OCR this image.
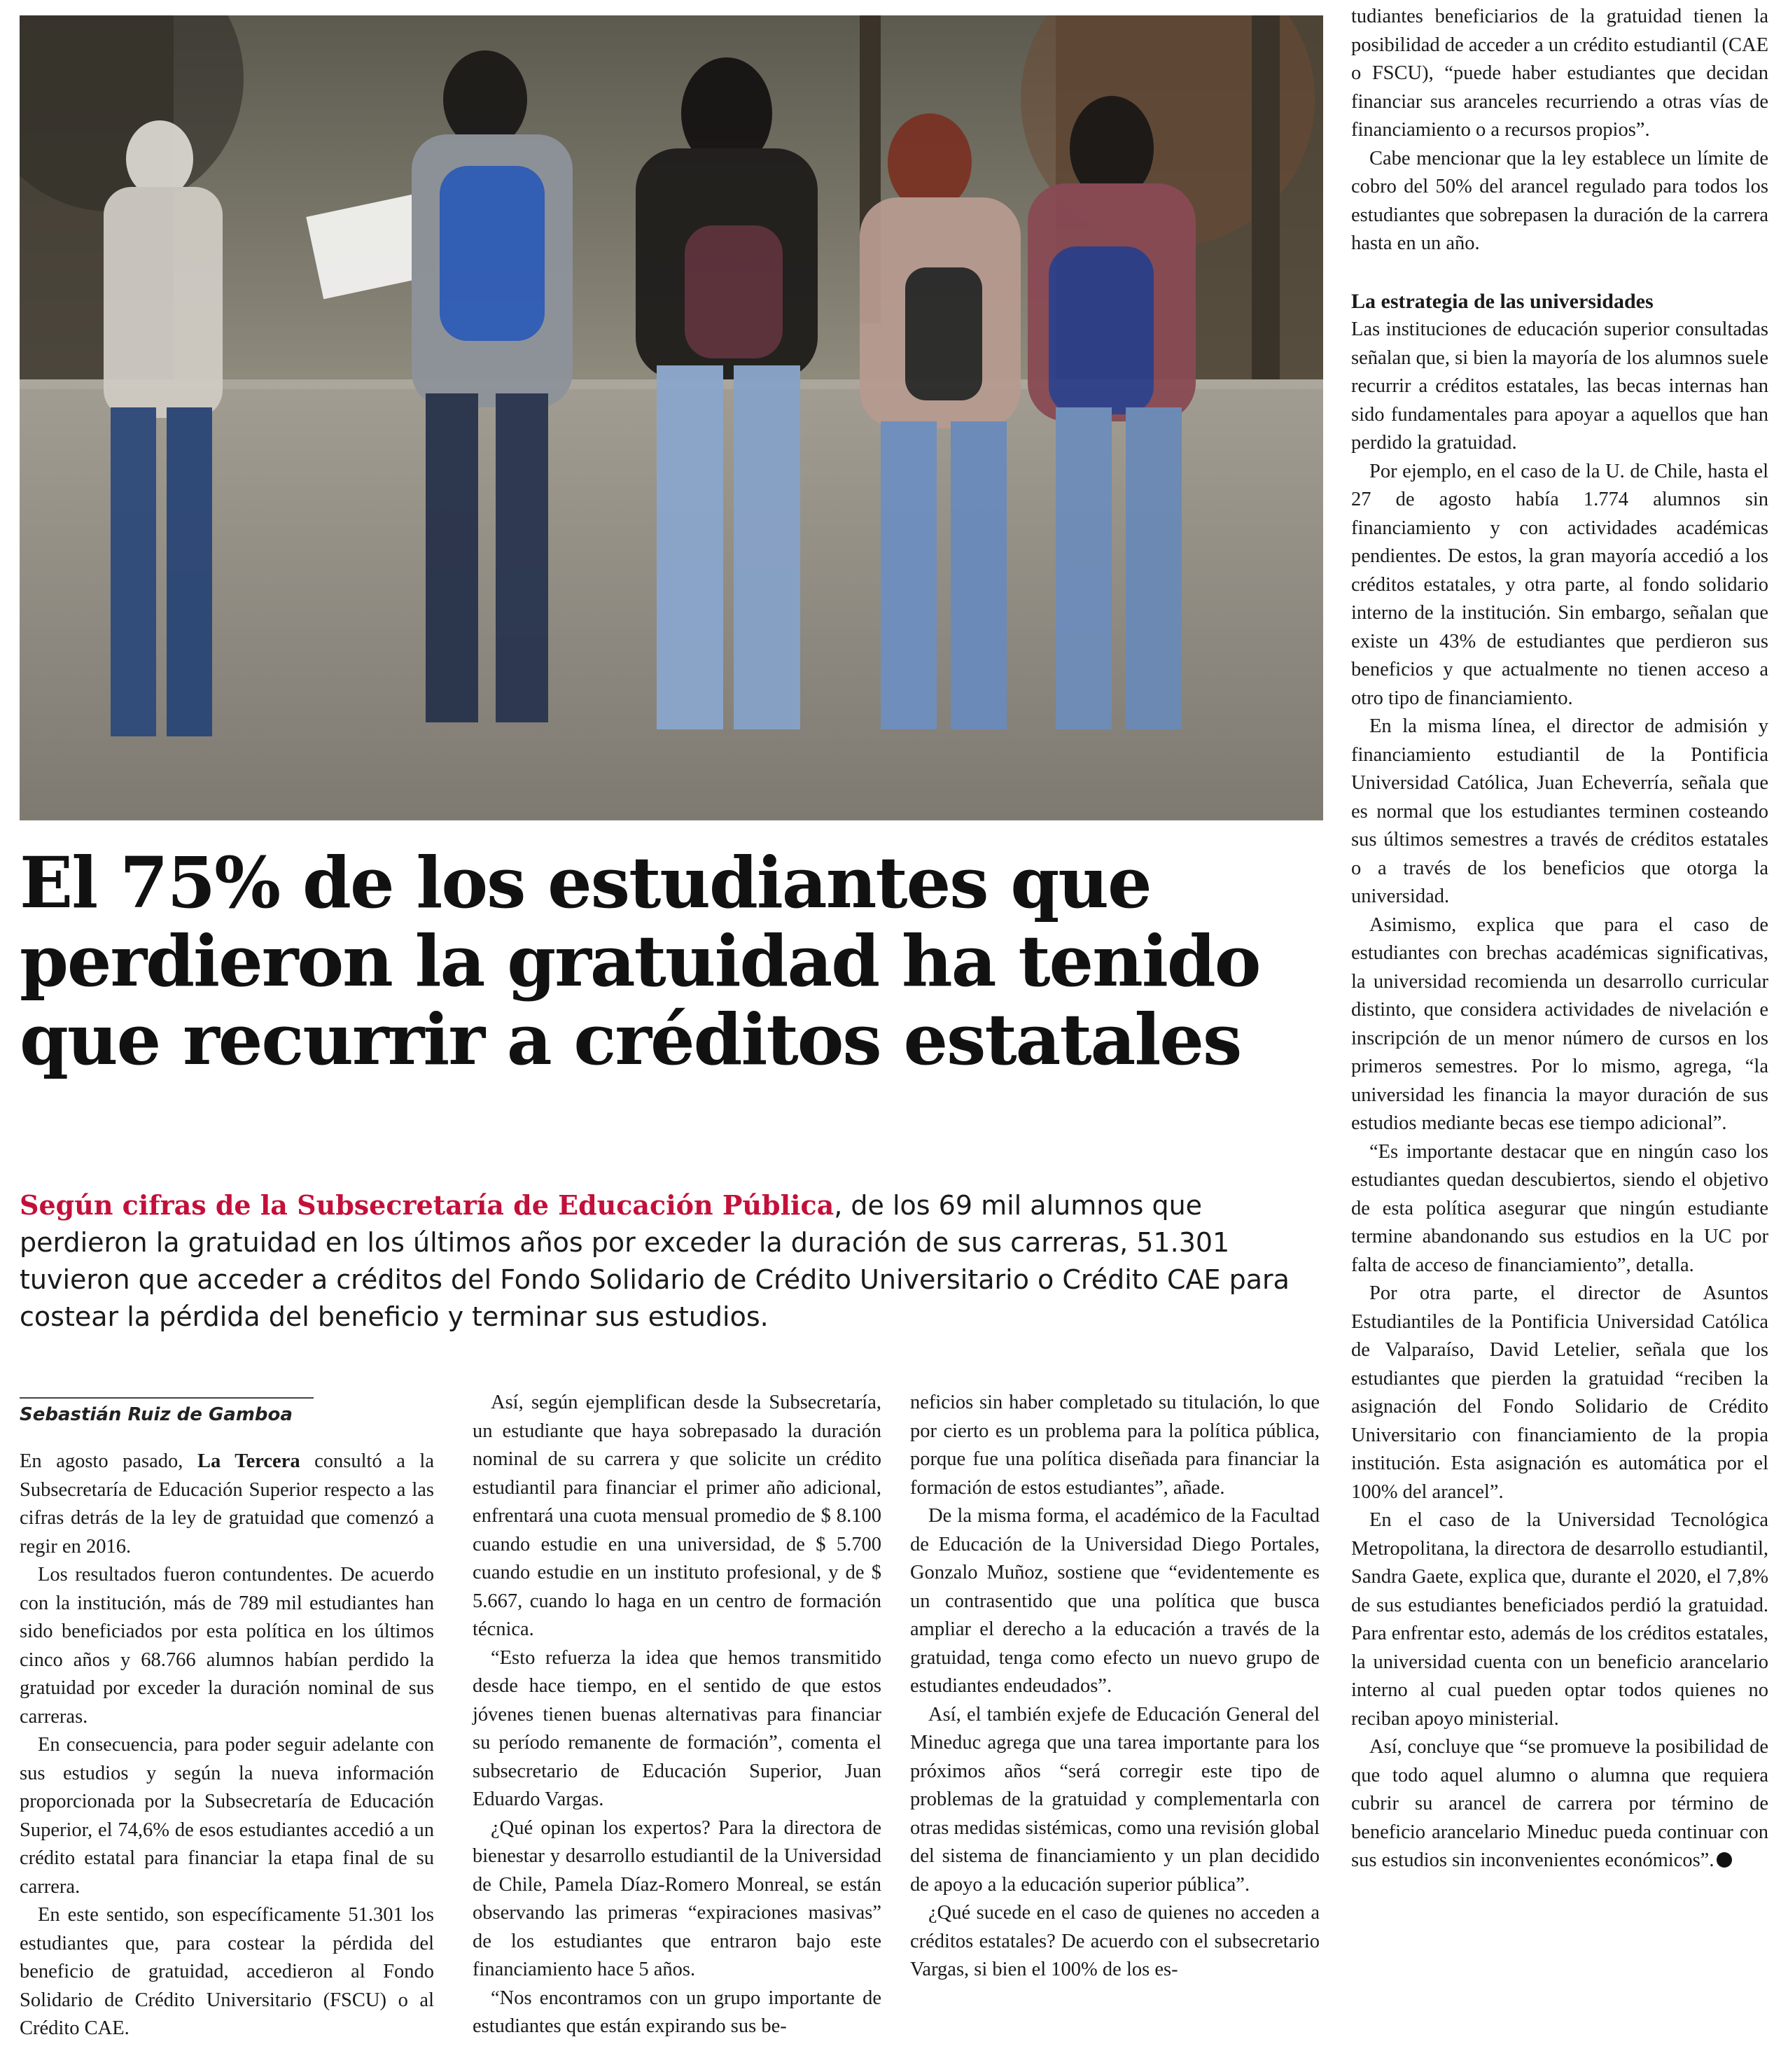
El 75% de los estudiantes que
perdieron la gratuidad ha tenido
que recurrir a créditos estatales

Según cifras de la Subsecretaría de Educación Pública, de los 69 mil alumnos que perdieron la gratuidad en los últimos años por exceder la duración de sus carreras, 51.301 tuvieron que acceder a créditos del Fondo Solidario de Crédito Universitario o Crédito CAE para costear la pérdida del beneficio y terminar sus estudios.

Sebastián Ruiz de Gamboa

En agosto pasado, La Tercera consultó a la Subsecretaría de Educación Superior respecto a las cifras detrás de la ley de gratuidad que comenzó a regir en 2016.

Los resultados fueron contundentes. De acuerdo con la institución, más de 789 mil estudiantes han sido beneficiados por esta política en los últimos cinco años y 68.766 alumnos habían perdido la gratuidad por exceder la duración nominal de sus carreras.

En consecuencia, para poder seguir adelante con sus estudios y según la nueva información proporcionada por la Subsecretaría de Educación Superior, el 74,6% de esos estudiantes accedió a un crédito estatal para financiar la etapa final de su carrera.

En este sentido, son específicamente 51.301 los estudiantes que, para costear la pérdida del beneficio de gratuidad, accedieron al Fondo Solidario de Crédito Universitario (FSCU) o al Crédito CAE.

Así, según ejemplifican desde la Subsecretaría, un estudiante que haya sobrepasado la duración nominal de su carrera y que solicite un crédito estudiantil para financiar el primer año adicional, enfrentará una cuota mensual promedio de $ 8.100 cuando estudie en una universidad, de $ 5.700 cuando estudie en un instituto profesional, y de $ 5.667, cuando lo haga en un centro de formación técnica.

“Esto refuerza la idea que hemos transmitido desde hace tiempo, en el sentido de que estos jóvenes tienen buenas alternativas para financiar su período remanente de formación”, comenta el subsecretario de Educación Superior, Juan Eduardo Vargas.

¿Qué opinan los expertos? Para la directora de bienestar y desarrollo estudiantil de la Universidad de Chile, Pamela Díaz-Romero Monreal, se están observando las primeras “expiraciones masivas” de los estudiantes que entraron bajo este financiamiento hace 5 años.

“Nos encontramos con un grupo importante de estudiantes que están expirando sus be-

neficios sin haber completado su titulación, lo que por cierto es un problema para la política pública, porque fue una política diseñada para financiar la formación de estos estudiantes”, añade.

De la misma forma, el académico de la Facultad de Educación de la Universidad Diego Portales, Gonzalo Muñoz, sostiene que “evidentemente es un contrasentido que una política que busca ampliar el derecho a la educación a través de la gratuidad, tenga como efecto un nuevo grupo de estudiantes endeudados”.

Así, el también exjefe de Educación General del Mineduc agrega que una tarea importante para los próximos años “será corregir este tipo de problemas de la gratuidad y complementarla con otras medidas sistémicas, como una revisión global del sistema de financiamiento y un plan decidido de apoyo a la educación superior pública”.

¿Qué sucede en el caso de quienes no acceden a créditos estatales? De acuerdo con el subsecretario Vargas, si bien el 100% de los es-

tudiantes beneficiarios de la gratuidad tienen la posibilidad de acceder a un crédito estudiantil (CAE o FSCU), “puede haber estudiantes que decidan financiar sus aranceles recurriendo a otras vías de financiamiento o a recursos propios”.

Cabe mencionar que la ley establece un límite de cobro del 50% del arancel regulado para todos los estudiantes que sobrepasen la duración de la carrera hasta en un año.

La estrategia de las universidades

Las instituciones de educación superior consultadas señalan que, si bien la mayoría de los alumnos suele recurrir a créditos estatales, las becas internas han sido fundamentales para apoyar a aquellos que han perdido la gratuidad.

Por ejemplo, en el caso de la U. de Chile, hasta el 27 de agosto había 1.774 alumnos sin financiamiento y con actividades académicas pendientes. De estos, la gran mayoría accedió a los créditos estatales, y otra parte, al fondo solidario interno de la institución. Sin embargo, señalan que existe un 43% de estudiantes que perdieron sus beneficios y que actualmente no tienen acceso a otro tipo de financiamiento.

En la misma línea, el director de admisión y financiamiento estudiantil de la Pontificia Universidad Católica, Juan Echeverría, señala que es normal que los estudiantes terminen costeando sus últimos semestres a través de créditos estatales o a través de los beneficios que otorga la universidad.

Asimismo, explica que para el caso de estudiantes con brechas académicas significativas, la universidad recomienda un desarrollo curricular distinto, que considera actividades de nivelación e inscripción de un menor número de cursos en los primeros semestres. Por lo mismo, agrega, “la universidad les financia la mayor duración de sus estudios mediante becas ese tiempo adicional”.

“Es importante destacar que en ningún caso los estudiantes quedan descubiertos, siendo el objetivo de esta política asegurar que ningún estudiante termine abandonando sus estudios en la UC por falta de acceso de financiamiento”, detalla.

Por otra parte, el director de Asuntos Estudiantiles de la Pontificia Universidad Católica de Valparaíso, David Letelier, señala que los estudiantes que pierden la gratuidad “reciben la asignación del Fondo Solidario de Crédito Universitario con financiamiento de la propia institución. Esta asignación es automática por el 100% del arancel”.

En el caso de la Universidad Tecnológica Metropolitana, la directora de desarrollo estudiantil, Sandra Gaete, explica que, durante el 2020, el 7,8% de sus estudiantes beneficiados perdió la gratuidad. Para enfrentar esto, además de los créditos estatales, la universidad cuenta con un beneficio arancelario interno al cual pueden optar todos quienes no reciban apoyo ministerial.

Así, concluye que “se promueve la posibilidad de que todo aquel alumno o alumna que requiera cubrir su arancel de carrera por término de beneficio arancelario Mineduc pueda continuar con sus estudios sin inconvenientes económicos”.
